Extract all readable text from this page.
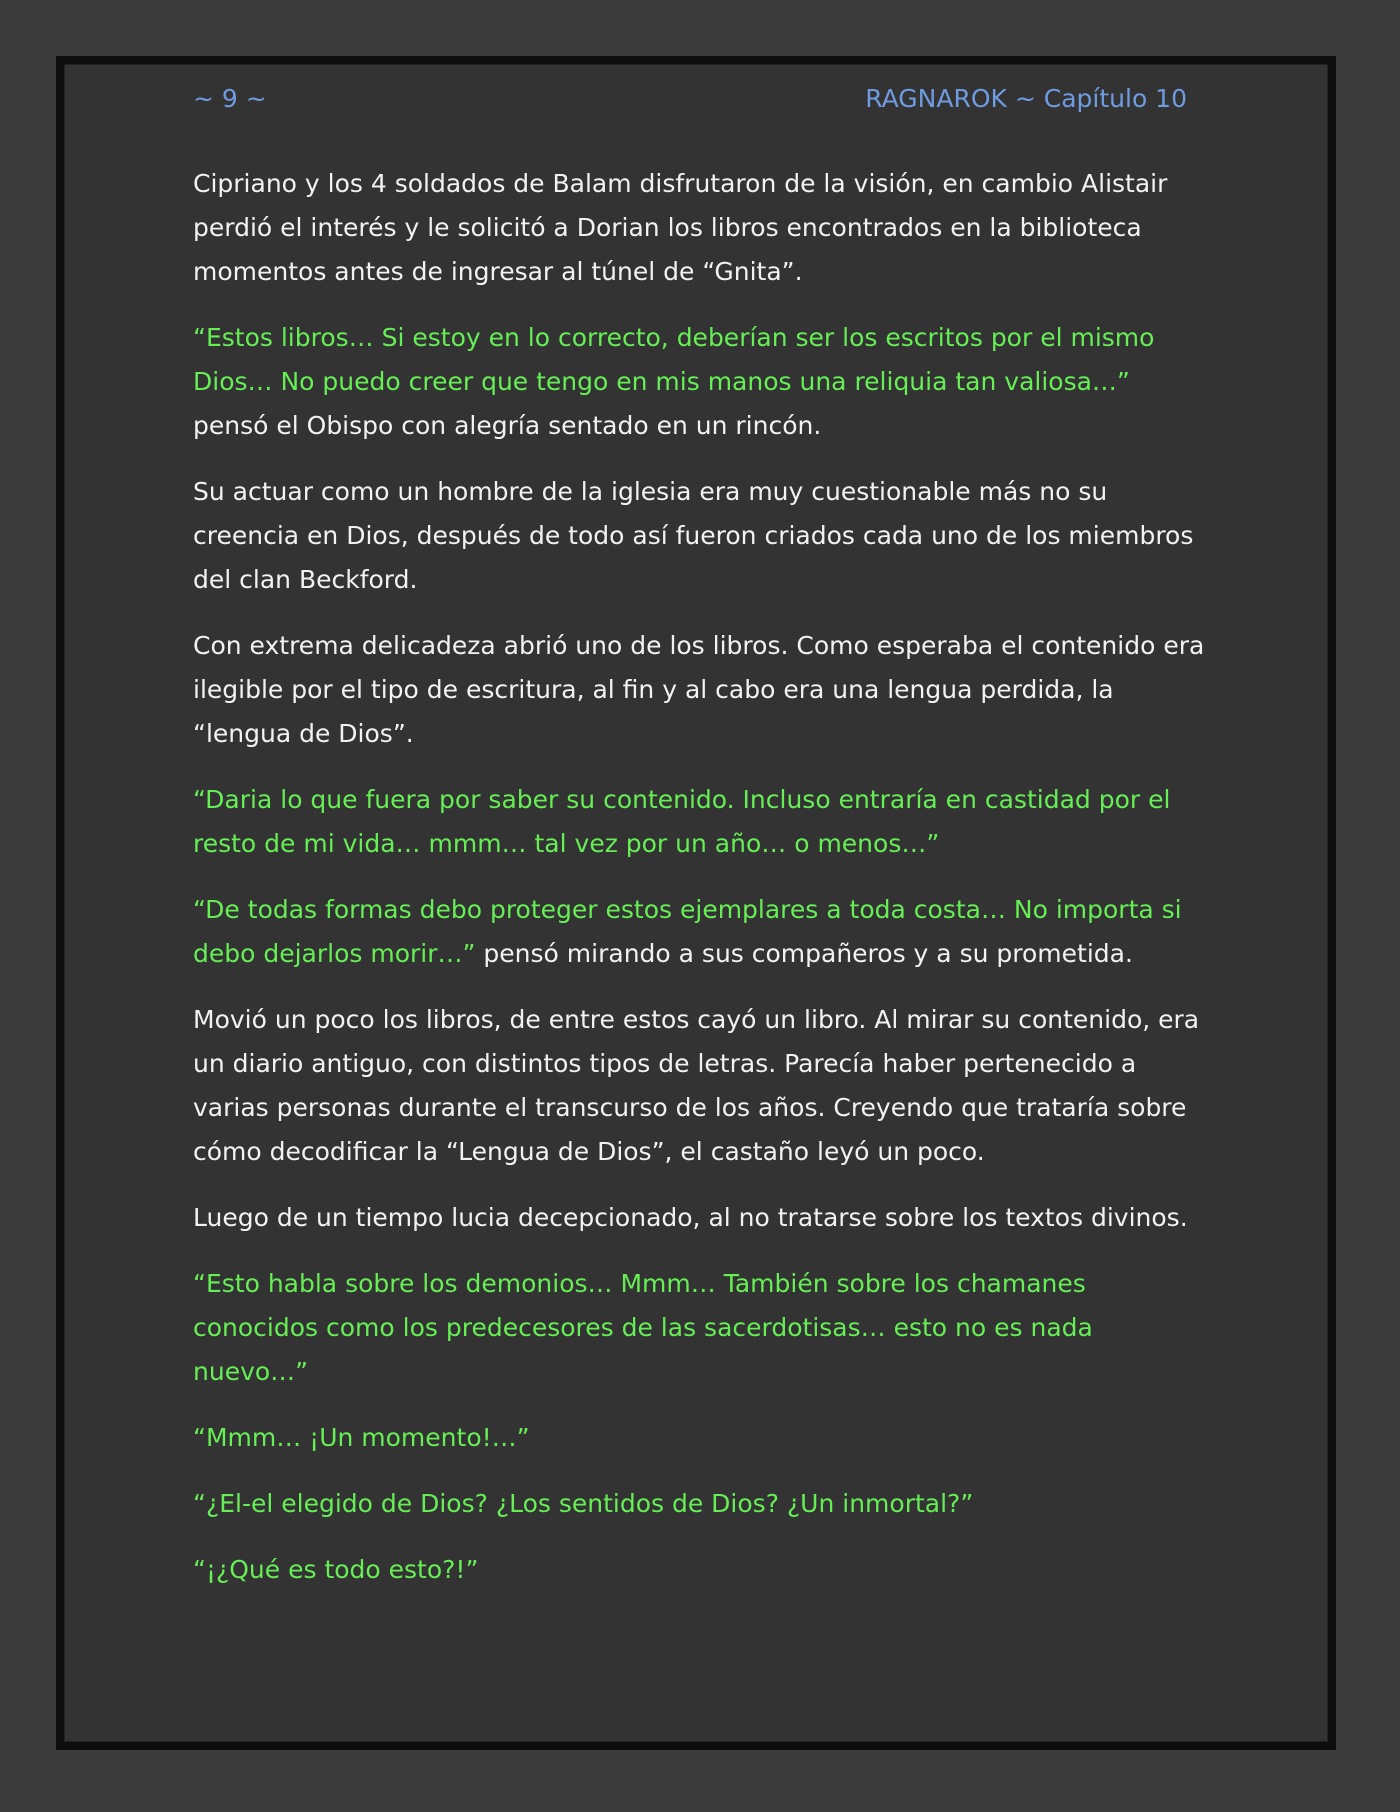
~ 9 ~	RAGNAROK ~ Capítulo 10

Cipriano y los 4 soldados de Balam disfrutaron de la visión, en cambio Alistair perdió el interés y le solicitó a Dorian los libros encontrados en la biblioteca momentos antes de ingresar al túnel de “Gnita”.

“Estos libros… Si estoy en lo correcto, deberían ser los escritos por el mismo Dios… No puedo creer que tengo en mis manos una reliquia tan valiosa…” pensó el Obispo con alegría sentado en un rincón.

Su actuar como un hombre de la iglesia era muy cuestionable más no su creencia en Dios, después de todo así fueron criados cada uno de los miembros del clan Beckford.

Con extrema delicadeza abrió uno de los libros. Como esperaba el contenido era ilegible por el tipo de escritura, al fin y al cabo era una lengua perdida, la “lengua de Dios”.

“Daria lo que fuera por saber su contenido. Incluso entraría en castidad por el resto de mi vida… mmm… tal vez por un año… o menos…”

“De todas formas debo proteger estos ejemplares a toda costa… No importa si debo dejarlos morir…” pensó mirando a sus compañeros y a su prometida.

Movió un poco los libros, de entre estos cayó un libro. Al mirar su contenido, era un diario antiguo, con distintos tipos de letras. Parecía haber pertenecido a varias personas durante el transcurso de los años. Creyendo que trataría sobre cómo decodificar la “Lengua de Dios”, el castaño leyó un poco.

Luego de un tiempo lucia decepcionado, al no tratarse sobre los textos divinos.

“Esto habla sobre los demonios… Mmm… También sobre los chamanes conocidos como los predecesores de las sacerdotisas… esto no es nada nuevo…”

“Mmm… ¡Un momento!…”

“¿El-el elegido de Dios? ¿Los sentidos de Dios? ¿Un inmortal?”

“¡¿Qué es todo esto?!”
